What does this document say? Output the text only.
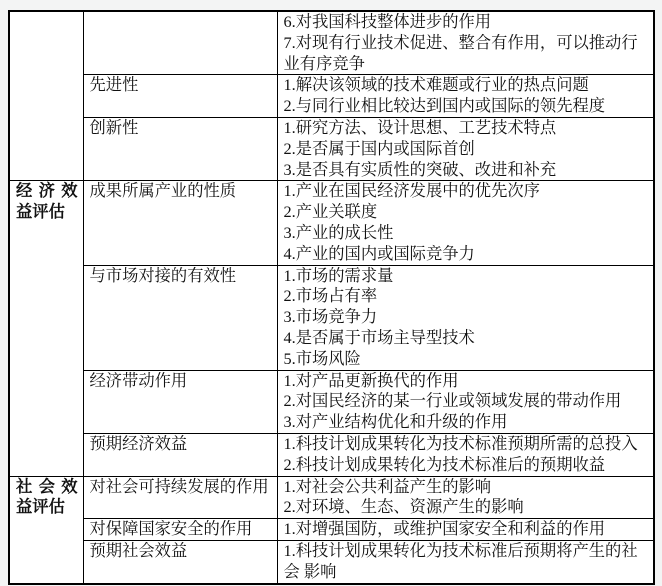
		6.对我国科技整体进步的作用
7.对现有行业技术促进、整合有作用，可以推动行业有序竞争

	先进性	1.解决该领域的技术难题或行业的热点问题
2.与同行业相比较达到国内或国际的领先程度

	创新性	1.研究方法、设计思想、工艺技术特点
2.是否属于国内或国际首创
3.是否具有实质性的突破、改进和补充

经济效益评估	成果所属产业的性质	1.产业在国民经济发展中的优先次序
2.产业关联度
3.产业的成长性
4.产业的国内或国际竞争力

	与市场对接的有效性	1.市场的需求量
2.市场占有率
3.市场竞争力
4.是否属于市场主导型技术
5.市场风险

	经济带动作用	1.对产品更新换代的作用
2.对国民经济的某一行业或领域发展的带动作用
3.对产业结构优化和升级的作用

	预期经济效益	1.科技计划成果转化为技术标准预期所需的总投入
2.科技计划成果转化为技术标准后的预期收益

社会效益评估	对社会可持续发展的作用	1.对社会公共利益产生的影响
2.对环境、生态、资源产生的影响

	对保障国家安全的作用	1.对增强国防，或维护国家安全和利益的作用

	预期社会效益	1.科技计划成果转化为技术标准后预期将产生的社会 影响
